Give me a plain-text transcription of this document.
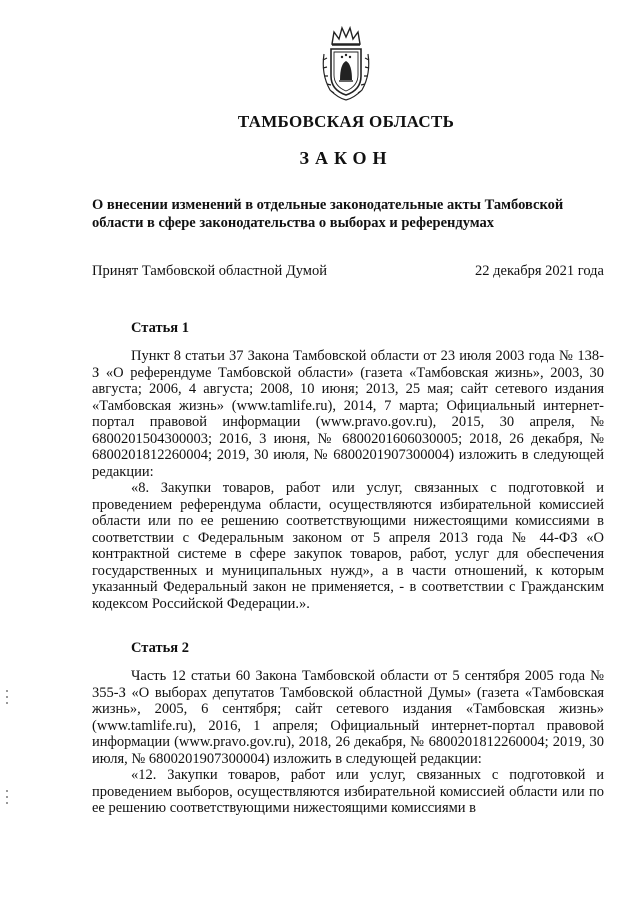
ТАМБОВСКАЯ ОБЛАСТЬ
ЗАКОН
О внесении изменений в отдельные законодательные акты Тамбовской области в сфере законодательства о выборах и референдумах
Принят Тамбовской областной Думой	22 декабря 2021 года
Статья 1

Пункт 8 статьи 37 Закона Тамбовской области от 23 июля 2003 года № 138-З «О референдуме Тамбовской области» (газета «Тамбовская жизнь», 2003, 30 августа; 2006, 4 августа; 2008, 10 июня; 2013, 25 мая; сайт сетевого издания «Тамбовская жизнь» (www.tamlife.ru), 2014, 7 марта; Официальный интернет-портал правовой информации (www.pravo.gov.ru), 2015, 30 апреля, № 6800201504300003; 2016, 3 июня, № 6800201606030005; 2018, 26 декабря, № 6800201812260004; 2019, 30 июля, № 6800201907300004) изложить в следующей редакции:

«8. Закупки товаров, работ или услуг, связанных с подготовкой и проведением референдума области, осуществляются избирательной комиссией области или по ее решению соответствующими нижестоящими комиссиями в соответствии с Федеральным законом от 5 апреля 2013 года № 44-ФЗ «О контрактной системе в сфере закупок товаров, работ, услуг для обеспечения государственных и муниципальных нужд», а в части отношений, к которым указанный Федеральный закон не применяется, - в соответствии с Гражданским кодексом Российской Федерации.».

Статья 2

Часть 12 статьи 60 Закона Тамбовской области от 5 сентября 2005 года № 355-З «О выборах депутатов Тамбовской областной Думы» (газета «Тамбовская жизнь», 2005, 6 сентября; сайт сетевого издания «Тамбовская жизнь» (www.tamlife.ru), 2016, 1 апреля; Официальный интернет-портал правовой информации (www.pravo.gov.ru), 2018, 26 декабря, № 6800201812260004; 2019, 30 июля, № 6800201907300004) изложить в следующей редакции:

«12. Закупки товаров, работ или услуг, связанных с подготовкой и проведением выборов, осуществляются избирательной комиссией области или по ее решению соответствующими нижестоящими комиссиями в
